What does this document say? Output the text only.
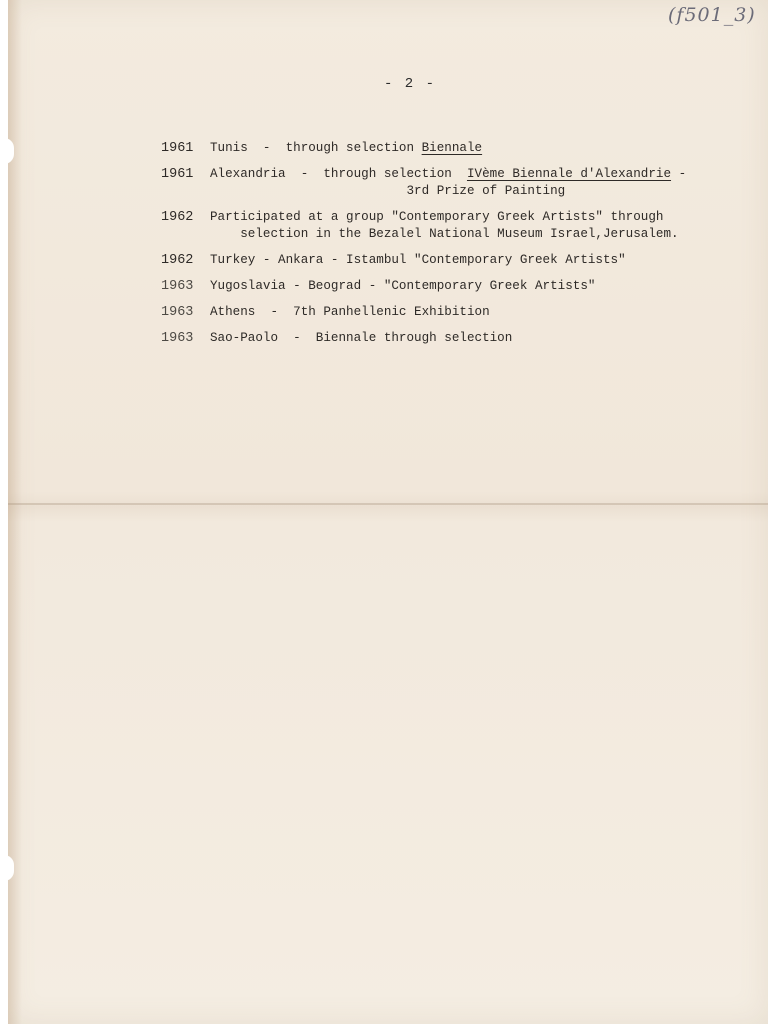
(f501_3)
- 2 -
1961	Tunis  -  through selection Biennale
1961	Alexandria  -  through selection  IVème Biennale d'Alexandrie -
3rd Prize of Painting
1962	Participated at a group "Contemporary Greek Artists" through
selection in the Bezalel National Museum Israel,Jerusalem.
1962	Turkey - Ankara - Istambul "Contemporary Greek Artists"
1963	Yugoslavia - Beograd - "Contemporary Greek Artists"
1963	Athens  -  7th Panhellenic Exhibition
1963	Sao-Paolo  -  Biennale through selection
